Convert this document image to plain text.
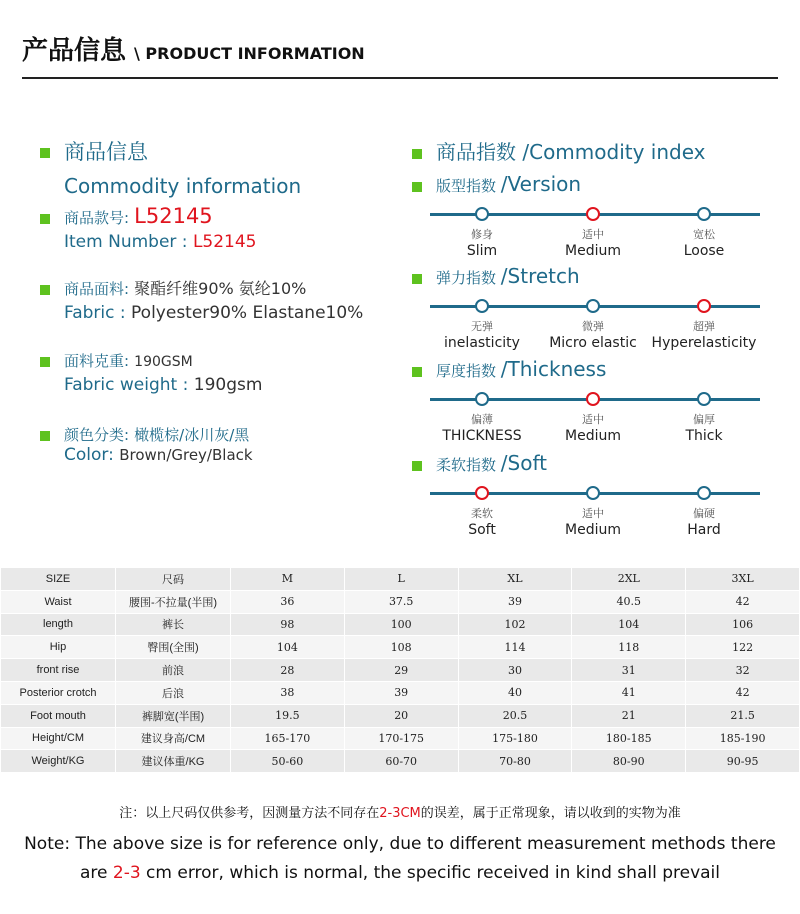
产品信息 \ PRODUCT INFORMATION
商品信息
Commodity information
商品款号: L52145
Item Number : L52145
商品面料: 聚酯纤维90% 氨纶10%
Fabric : Polyester90% Elastane10%
面料克重: 190GSM
Fabric weight : 190gsm
颜色分类: 橄榄棕/冰川灰/黑
Color: Brown/Grey/Black
商品指数 /Commodity index
版型指数 /Version
修身
Slim
适中
Medium
宽松
Loose
弹力指数 /Stretch
无弹
inelasticity
微弹
Micro elastic
超弹
Hyperelasticity
厚度指数 /Thickness
偏薄
THICKNESS
适中
Medium
偏厚
Thick
柔软指数 /Soft
柔软
Soft
适中
Medium
偏硬
Hard
SIZE	尺码	M	L	XL	2XL	3XL
Waist	腰围-不拉量(半围)	36	37.5	39	40.5	42
length	裤长	98	100	102	104	106
Hip	臀围(全围)	104	108	114	118	122
front rise	前浪	28	29	30	31	32
Posterior crotch	后浪	38	39	40	41	42
Foot mouth	裤脚宽(半围)	19.5	20	20.5	21	21.5
Height/CM	建议身高/CM	165-170	170-175	175-180	180-185	185-190
Weight/KG	建议体重/KG	50-60	60-70	70-80	80-90	90-95
注：以上尺码仅供参考，因测量方法不同存在2-3CM的误差，属于正常现象，请以收到的实物为准
Note: The above size is for reference only, due to different measurement methods there
are 2-3 cm error, which is normal, the specific received in kind shall prevail
